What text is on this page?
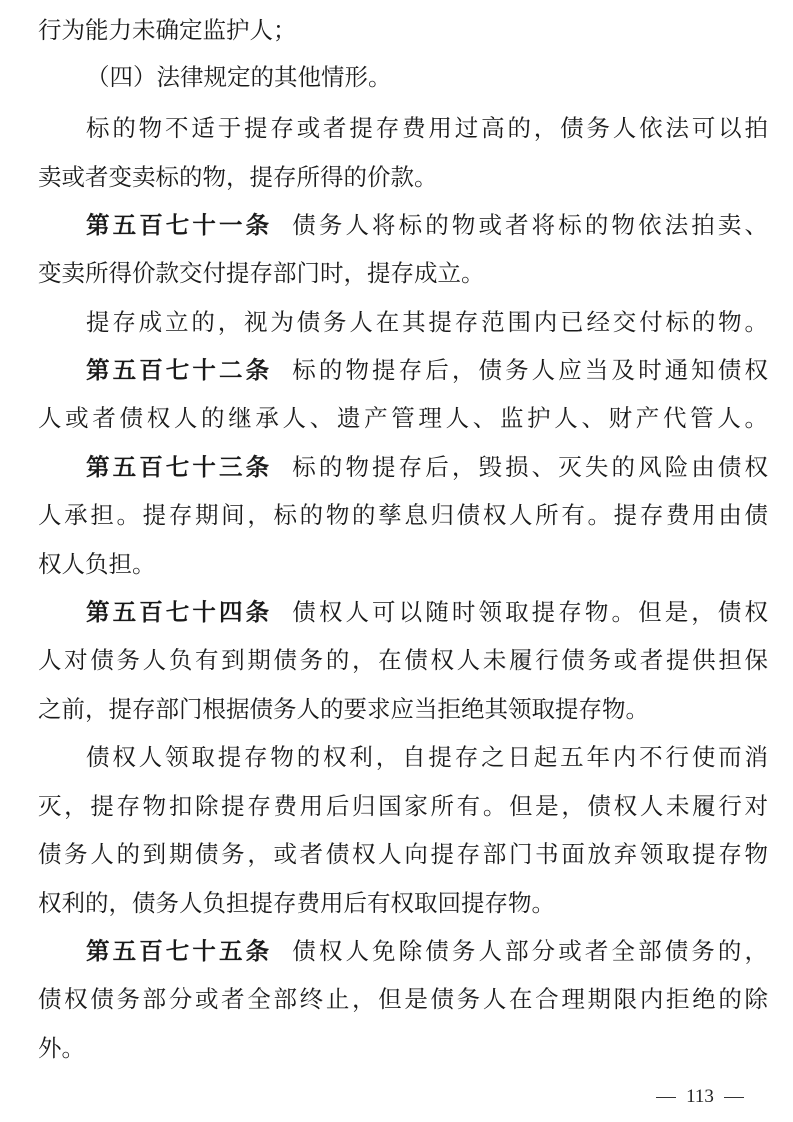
行为能力未确定监护人；
（四）法律规定的其他情形。
标的物不适于提存或者提存费用过高的，债务人依法可以拍
卖或者变卖标的物，提存所得的价款。
第五百七十一条 债务人将标的物或者将标的物依法拍卖、
变卖所得价款交付提存部门时，提存成立。
提存成立的，视为债务人在其提存范围内已经交付标的物。
第五百七十二条 标的物提存后，债务人应当及时通知债权
人或者债权人的继承人、遗产管理人、监护人、财产代管人。
第五百七十三条 标的物提存后，毁损、灭失的风险由债权
人承担。提存期间，标的物的孳息归债权人所有。提存费用由债
权人负担。
第五百七十四条 债权人可以随时领取提存物。但是，债权
人对债务人负有到期债务的，在债权人未履行债务或者提供担保
之前，提存部门根据债务人的要求应当拒绝其领取提存物。
债权人领取提存物的权利，自提存之日起五年内不行使而消
灭，提存物扣除提存费用后归国家所有。但是，债权人未履行对
债务人的到期债务，或者债权人向提存部门书面放弃领取提存物
权利的，债务人负担提存费用后有权取回提存物。
第五百七十五条 债权人免除债务人部分或者全部债务的，
债权债务部分或者全部终止，但是债务人在合理期限内拒绝的除
外。
113
